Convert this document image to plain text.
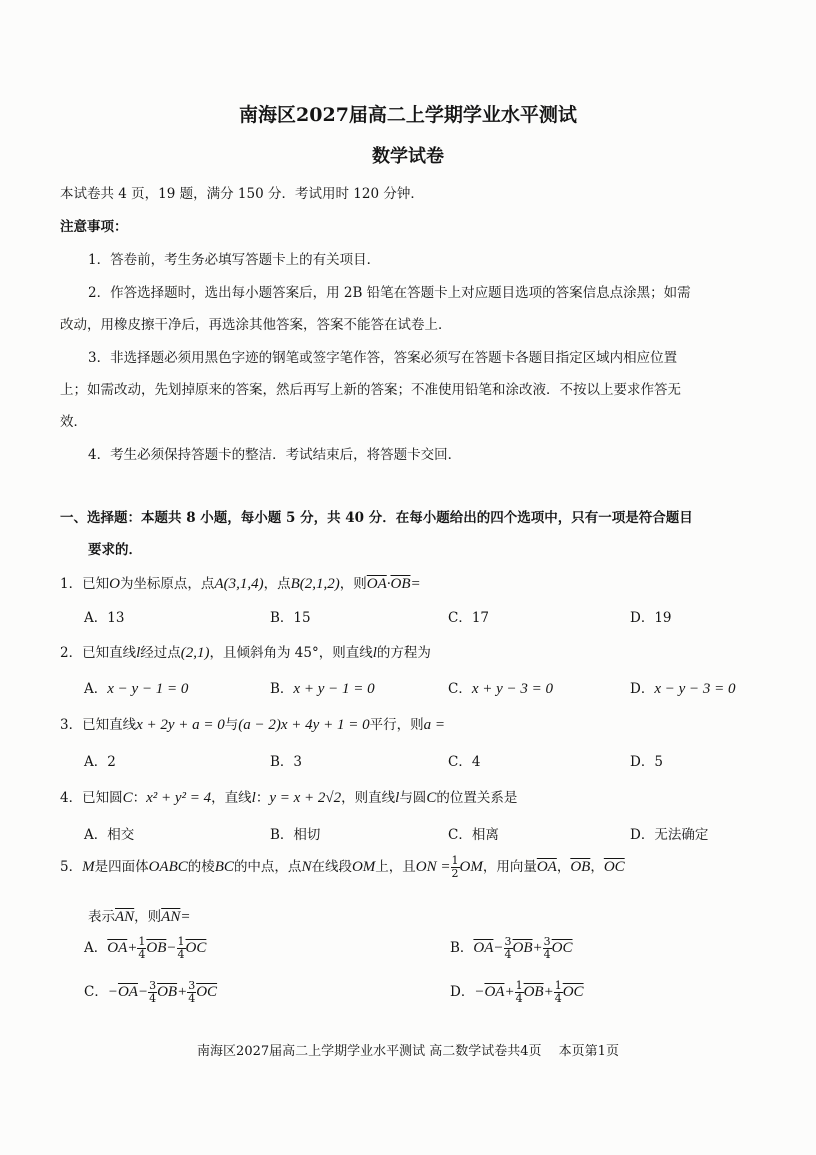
南海区2027届高二上学期学业水平测试
数学试卷
本试卷共 4 页，19 题，满分 150 分．考试用时 120 分钟．
注意事项：
1．答卷前，考生务必填写答题卡上的有关项目．
2．作答选择题时，选出每小题答案后，用 2B 铅笔在答题卡上对应题目选项的答案信息点涂黑；如需
改动，用橡皮擦干净后，再选涂其他答案，答案不能答在试卷上．
3．非选择题必须用黑色字迹的钢笔或签字笔作答，答案必须写在答题卡各题目指定区域内相应位置
上；如需改动，先划掉原来的答案，然后再写上新的答案；不准使用铅笔和涂改液．不按以上要求作答无
效．
4．考生必须保持答题卡的整洁．考试结束后，将答题卡交回．
一、选择题：本题共 8 小题，每小题 5 分，共 40 分．在每小题给出的四个选项中，只有一项是符合题目
要求的．
1．已知O为坐标原点，点A(3,1,4)，点B(2,1,2)，则$\overline{OA}\cdot\overline{OB}=$
A．13	B．15	C．17	D．19
2．已知直线l经过点(2,1)，且倾斜角为 45°，则直线l的方程为
A．x − y − 1 = 0	B．x + y − 1 = 0	C．x + y − 3 = 0	D．x − y − 3 = 0
3．已知直线x + 2y + a = 0与(a − 2)x + 4y + 1 = 0平行，则a =
A．2	B．3	C．4	D．5
4．已知圆C：x² + y² = 4，直线l：y = x + 2√2，则直线l与圆C的位置关系是
A．相交	B．相切	C．相离	D．无法确定
5．M是四面体OABC的棱BC的中点，点N在线段OM上，且ON = $\frac{1}{2}$ OM，用向量$\overline{OA}$，$\overline{OB}$，$\overline{OC}$
表示$\overline{AN}$，则$\overline{AN}=$
A．$\overline{OA}+ \frac{1}{4} \overline{OB}- \frac{1}{4} \overline{OC}$	B．$\overline{OA}- \frac{3}{4} \overline{OB}+ \frac{3}{4} \overline{OC}$
C．$-\overline{OA}- \frac{3}{4} \overline{OB}+ \frac{3}{4} \overline{OC}$	D．$-\overline{OA}+ \frac{1}{4} \overline{OB}+ \frac{1}{4} \overline{OC}$
南海区2027届高二上学期学业水平测试 高二数学试卷共4页　 本页第1页
